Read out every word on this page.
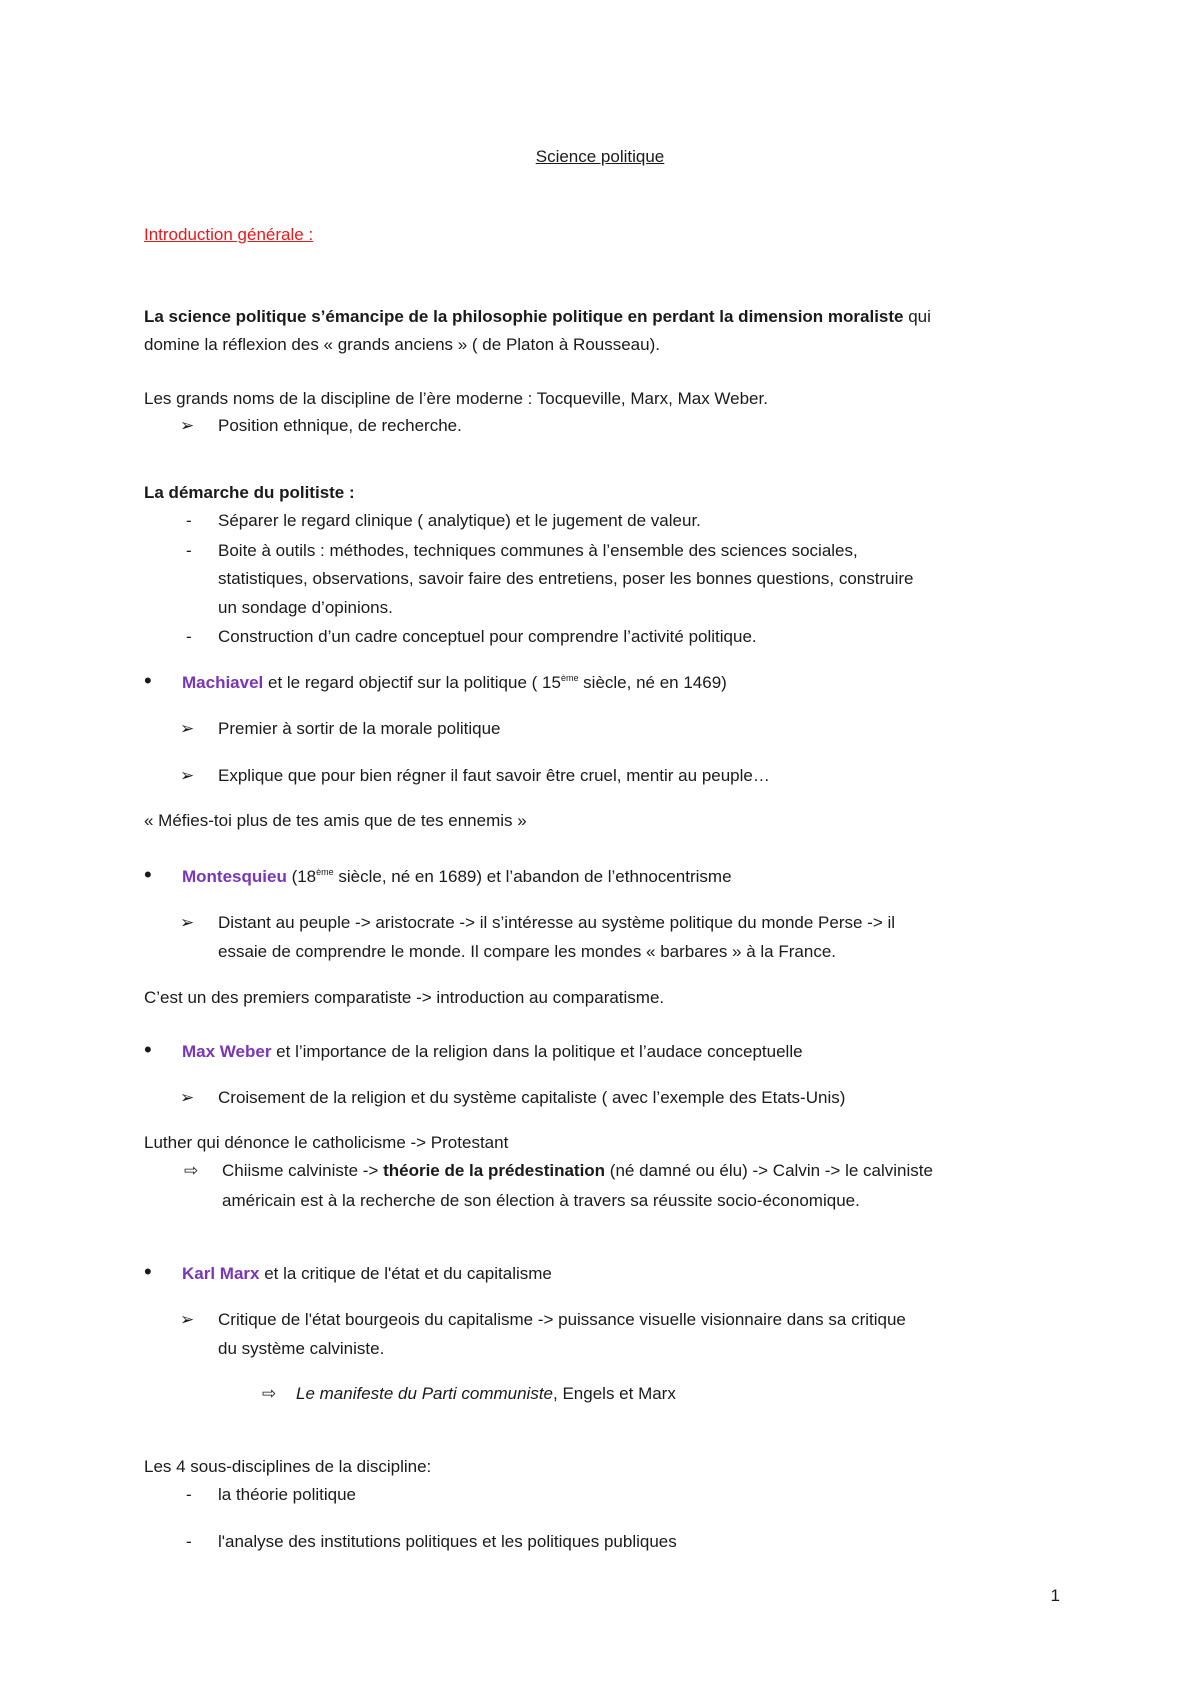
Science politique
Introduction générale :
La science politique s’émancipe de la philosophie politique en perdant la dimension moraliste qui
domine la réflexion des « grands anciens » ( de Platon à Rousseau).
Les grands noms de la discipline de l’ère moderne : Tocqueville, Marx, Max Weber.
➢ Position ethnique, de recherche.
La démarche du politiste :
- Séparer le regard clinique ( analytique) et le jugement de valeur.
- Boite à outils : méthodes, techniques communes à l’ensemble des sciences sociales,
statistiques, observations, savoir faire des entretiens, poser les bonnes questions, construire
un sondage d’opinions.
- Construction d’un cadre conceptuel pour comprendre l’activité politique.
• Machiavel et le regard objectif sur la politique ( 15ème siècle, né en 1469)
➢ Premier à sortir de la morale politique
➢ Explique que pour bien régner il faut savoir être cruel, mentir au peuple…
« Méfies-toi plus de tes amis que de tes ennemis »
• Montesquieu (18ème siècle, né en 1689) et l’abandon de l’ethnocentrisme
➢ Distant au peuple -> aristocrate -> il s’intéresse au système politique du monde Perse -> il
essaie de comprendre le monde. Il compare les mondes « barbares » à la France.
C’est un des premiers comparatiste -> introduction au comparatisme.
• Max Weber et l’importance de la religion dans la politique et l’audace conceptuelle
➢ Croisement de la religion et du système capitaliste ( avec l’exemple des Etats-Unis)
Luther qui dénonce le catholicisme -> Protestant
⇨ Chiisme calviniste -> théorie de la prédestination (né damné ou élu) -> Calvin -> le calviniste
américain est à la recherche de son élection à travers sa réussite socio-économique.
• Karl Marx et la critique de l'état et du capitalisme
➢ Critique de l'état bourgeois du capitalisme -> puissance visuelle visionnaire dans sa critique
du système calviniste.
⇨ Le manifeste du Parti communiste, Engels et Marx
Les 4 sous-disciplines de la discipline:
- la théorie politique
- l'analyse des institutions politiques et les politiques publiques
1
